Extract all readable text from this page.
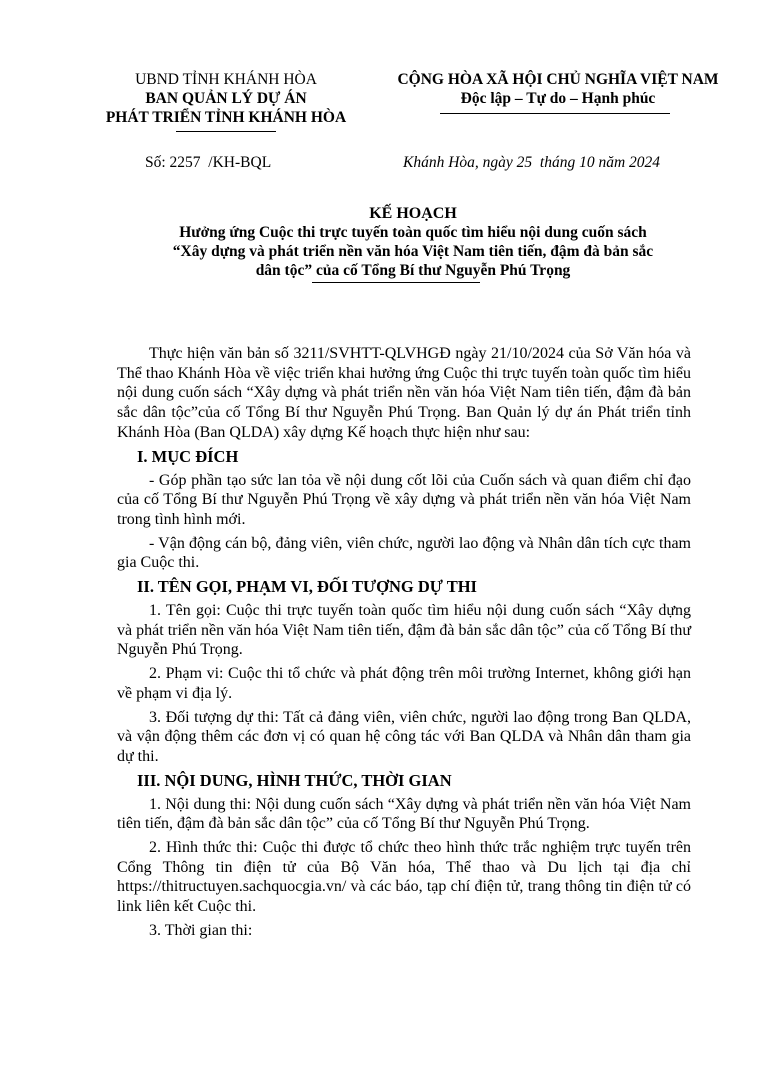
UBND TỈNH KHÁNH HÒA
BAN QUẢN LÝ DỰ ÁN
PHÁT TRIỂN TỈNH KHÁNH HÒA
CỘNG HÒA XÃ HỘI CHỦ NGHĨA VIỆT NAM
Độc lập – Tự do – Hạnh phúc
Số: 2257  /KH-BQL	Khánh Hòa, ngày 25  tháng 10 năm 2024
KẾ HOẠCH
Hưởng ứng Cuộc thi trực tuyến toàn quốc tìm hiểu nội dung cuốn sách
“Xây dựng và phát triển nền văn hóa Việt Nam tiên tiến, đậm đà bản sắc
dân tộc” của cố Tổng Bí thư Nguyễn Phú Trọng

Thực hiện văn bản số 3211/SVHTT-QLVHGĐ ngày 21/10/2024 của Sở Văn hóa và Thể thao Khánh Hòa về việc triển khai hưởng ứng Cuộc thi trực tuyến toàn quốc tìm hiểu nội dung cuốn sách “Xây dựng và phát triển nền văn hóa Việt Nam tiên tiến, đậm đà bản sắc dân tộc”của cố Tổng Bí thư Nguyễn Phú Trọng. Ban Quản lý dự án Phát triển tỉnh Khánh Hòa (Ban QLDA) xây dựng Kế hoạch thực hiện như sau:

I. MỤC ĐÍCH

- Góp phần tạo sức lan tỏa về nội dung cốt lõi của Cuốn sách và quan điểm chỉ đạo của cố Tổng Bí thư Nguyễn Phú Trọng về xây dựng và phát triển nền văn hóa Việt Nam trong tình hình mới.

- Vận động cán bộ, đảng viên, viên chức, người lao động và Nhân dân tích cực tham gia Cuộc thi.

II. TÊN GỌI, PHẠM VI, ĐỐI TƯỢNG DỰ THI

1. Tên gọi: Cuộc thi trực tuyến toàn quốc tìm hiểu nội dung cuốn sách “Xây dựng và phát triển nền văn hóa Việt Nam tiên tiến, đậm đà bản sắc dân tộc” của cố Tổng Bí thư Nguyễn Phú Trọng.

2. Phạm vi: Cuộc thi tổ chức và phát động trên môi trường Internet, không giới hạn về phạm vi địa lý.

3. Đối tượng dự thi: Tất cả đảng viên, viên chức, người lao động trong Ban QLDA, và vận động thêm các đơn vị có quan hệ công tác với Ban QLDA và Nhân dân tham gia dự thi.

III. NỘI DUNG, HÌNH THỨC, THỜI GIAN

1. Nội dung thi: Nội dung cuốn sách “Xây dựng và phát triển nền văn hóa Việt Nam tiên tiến, đậm đà bản sắc dân tộc” của cố Tổng Bí thư Nguyễn Phú Trọng.

2. Hình thức thi: Cuộc thi được tổ chức theo hình thức trắc nghiệm trực tuyến trên Cổng Thông tin điện tử của Bộ Văn hóa, Thể thao và Du lịch tại địa chỉ https://thitructuyen.sachquocgia.vn/ và các báo, tạp chí điện tử, trang thông tin điện tử có link liên kết Cuộc thi.

3. Thời gian thi:
